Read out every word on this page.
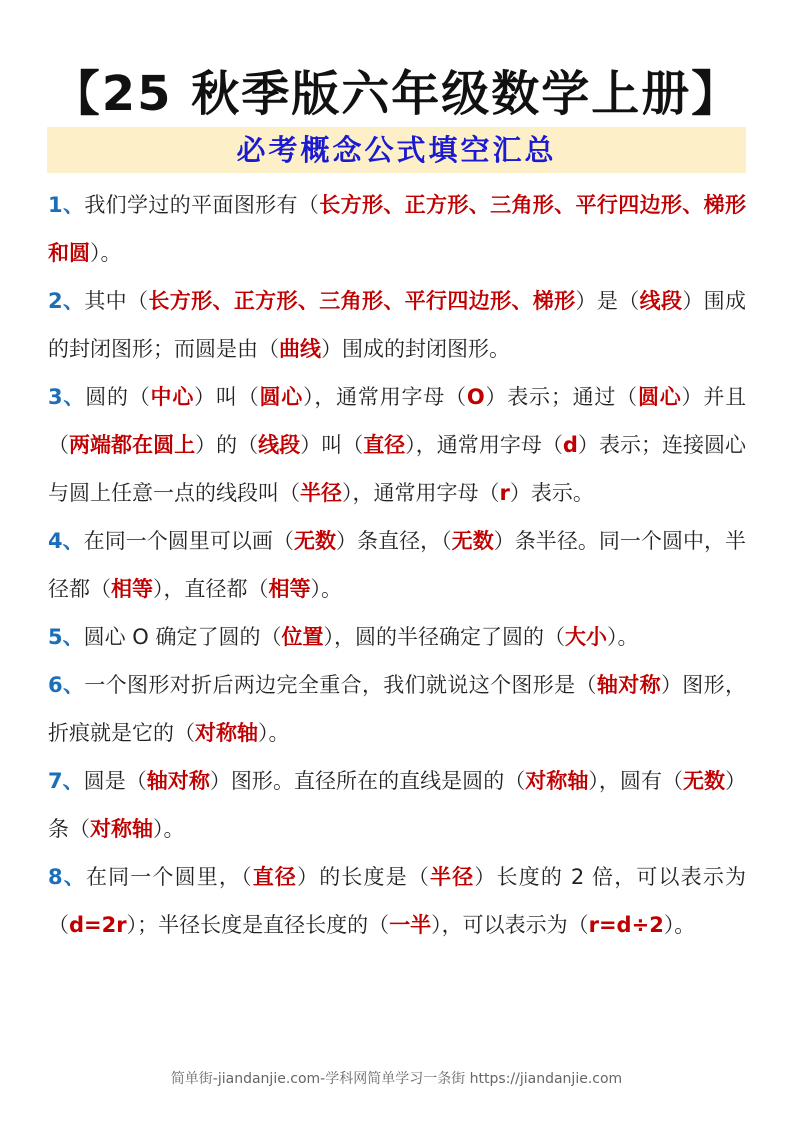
【25 秋季版六年级数学上册】
必考概念公式填空汇总
1、我们学过的平面图形有（长方形、正方形、三角形、平行四边形、梯形和圆）。
2、其中（长方形、正方形、三角形、平行四边形、梯形）是（线段）围成的封闭图形；而圆是由（曲线）围成的封闭图形。
3、圆的（中心）叫（圆心），通常用字母（O）表示；通过（圆心）并且（两端都在圆上）的（线段）叫（直径），通常用字母（d）表示；连接圆心与圆上任意一点的线段叫（半径），通常用字母（r）表示。
4、在同一个圆里可以画（无数）条直径，（无数）条半径。同一个圆中，半径都（相等），直径都（相等）。
5、圆心 O 确定了圆的（位置），圆的半径确定了圆的（大小）。
6、一个图形对折后两边完全重合，我们就说这个图形是（轴对称）图形，折痕就是它的（对称轴）。
7、圆是（轴对称）图形。直径所在的直线是圆的（对称轴），圆有（无数）条（对称轴）。
8、在同一个圆里，（直径）的长度是（半径）长度的 2 倍，可以表示为（d=2r）；半径长度是直径长度的（一半），可以表示为（r=d÷2）。
简单街-jiandanjie.com-学科网简单学习一条街 https://jiandanjie.com
